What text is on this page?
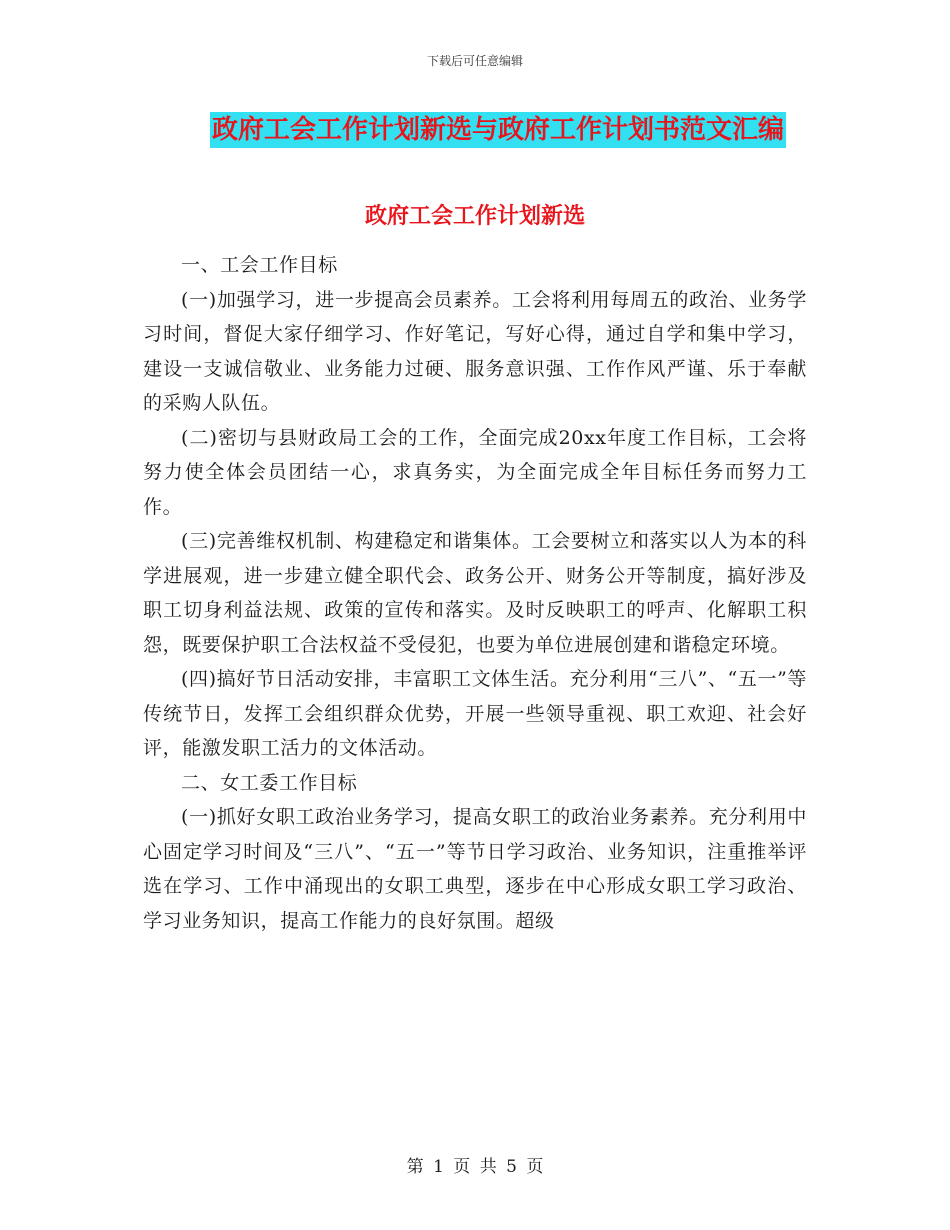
下载后可任意编辑
政府工会工作计划新选与政府工作计划书范文汇编
政府工会工作计划新选

一、工会工作目标

(一)加强学习，进一步提高会员素养。工会将利用每周五的政治、业务学习时间，督促大家仔细学习、作好笔记，写好心得，通过自学和集中学习，建设一支诚信敬业、业务能力过硬、服务意识强、工作作风严谨、乐于奉献的采购人队伍。

(二)密切与县财政局工会的工作，全面完成20xx年度工作目标，工会将努力使全体会员团结一心，求真务实，为全面完成全年目标任务而努力工作。

(三)完善维权机制、构建稳定和谐集体。工会要树立和落实以人为本的科学进展观，进一步建立健全职代会、政务公开、财务公开等制度，搞好涉及职工切身利益法规、政策的宣传和落实。及时反映职工的呼声、化解职工积怨，既要保护职工合法权益不受侵犯，也要为单位进展创建和谐稳定环境。

(四)搞好节日活动安排，丰富职工文体生活。充分利用“三八”、“五一”等传统节日，发挥工会组织群众优势，开展一些领导重视、职工欢迎、社会好评，能激发职工活力的文体活动。

二、女工委工作目标

(一)抓好女职工政治业务学习，提高女职工的政治业务素养。充分利用中心固定学习时间及“三八”、“五一”等节日学习政治、业务知识，注重推举评选在学习、工作中涌现出的女职工典型，逐步在中心形成女职工学习政治、学习业务知识，提高工作能力的良好氛围。超级

第 1 页 共 5 页
